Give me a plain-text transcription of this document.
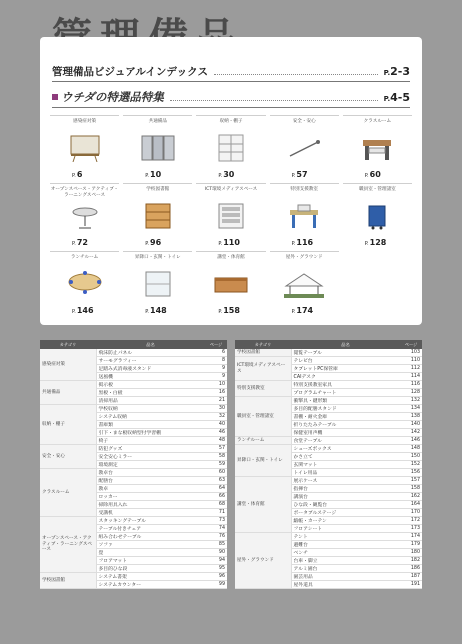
管理備品ビジュアルインデックス	P.2-3
ウチダの特選品特集	P.4-5
感染症対策
P.6
共通備品
P.10
収納・棚子
P.30
安全・安心
P.57
クラスルーム
P.60
オープンスペース・アクティブ・ラーニングスペース
P.72
学校図書館
P.96
ICT環境メディアスペース
P.110
特別支援教室
P.116
職員室・管理諸室
P.128
ランチルーム
P.146
昇降口・玄関・トイレ
P.148
講堂・体育館
P.158
屋外・グラウンド
P.174
カテゴリ	品名	ページ
感染症対策	飛沫防止パネル	6
	サーモグラフィー	8
	足踏み式消毒液スタンド	9
	送風機	9
共通備品	掲示板	10
	黒板・白板	16
	清掃用品	21
収納・棚子	学校収納	30
	システム収納	32
	書庫類	40
	引下・まな板収納型付学習棚	46
	椅子	48
安全・安心	防犯グッズ	57
	安全安心ミラー	58
	環境測定	59
クラスルーム	教卓台	60
	配膳台	63
	教卓	64
	ロッカー	66
	掃除用具入れ	68
	受講机	71
オープンスペース・アクティブ・ラーニングスペース	スタッキングテーブル	73
	テーブル付きチェア	74
	組み合わせテーブル	76
	ソファ	85
	畳	90
	フロアマット	94
	多目的ひな段	95
学校図書館	システム書架	96
	システムカウンター	99
カテゴリ	品名	ページ
学校図書館	閲覧テーブル	103
ICT環境メディアスペース	テレビ台	110
	タブレットPC保管庫	112
	CAIデスク	114
特別支援教室	特別支援教室家具	116
	プログラムチャート	128
職員室・管理諸室	衝撃具・鍵形類	132
	多目的配膳スタンド	134
	書棚・耐火金庫	138
	折りたたみテーブル	140
	保健室用声機	142
ランチルーム	食堂テーブル	146
昇降口・玄関・トイレ	シューズボックス	148
	かさ立て	150
	玄関マット	152
	トイレ用品	156
講堂・体育館	展示ケース	157
	指揮台	158
	講演台	162
	ひな段・観覧台	164
	ポータブルステージ	170
	緞帳・カーテン	172
	フロアシート	173
屋外・グラウンド	テント	174
	避難台	179
	ベンチ	180
	台車・脚立	182
	アルミ園台	186
	園芸用品	187
	屋外道具	191
